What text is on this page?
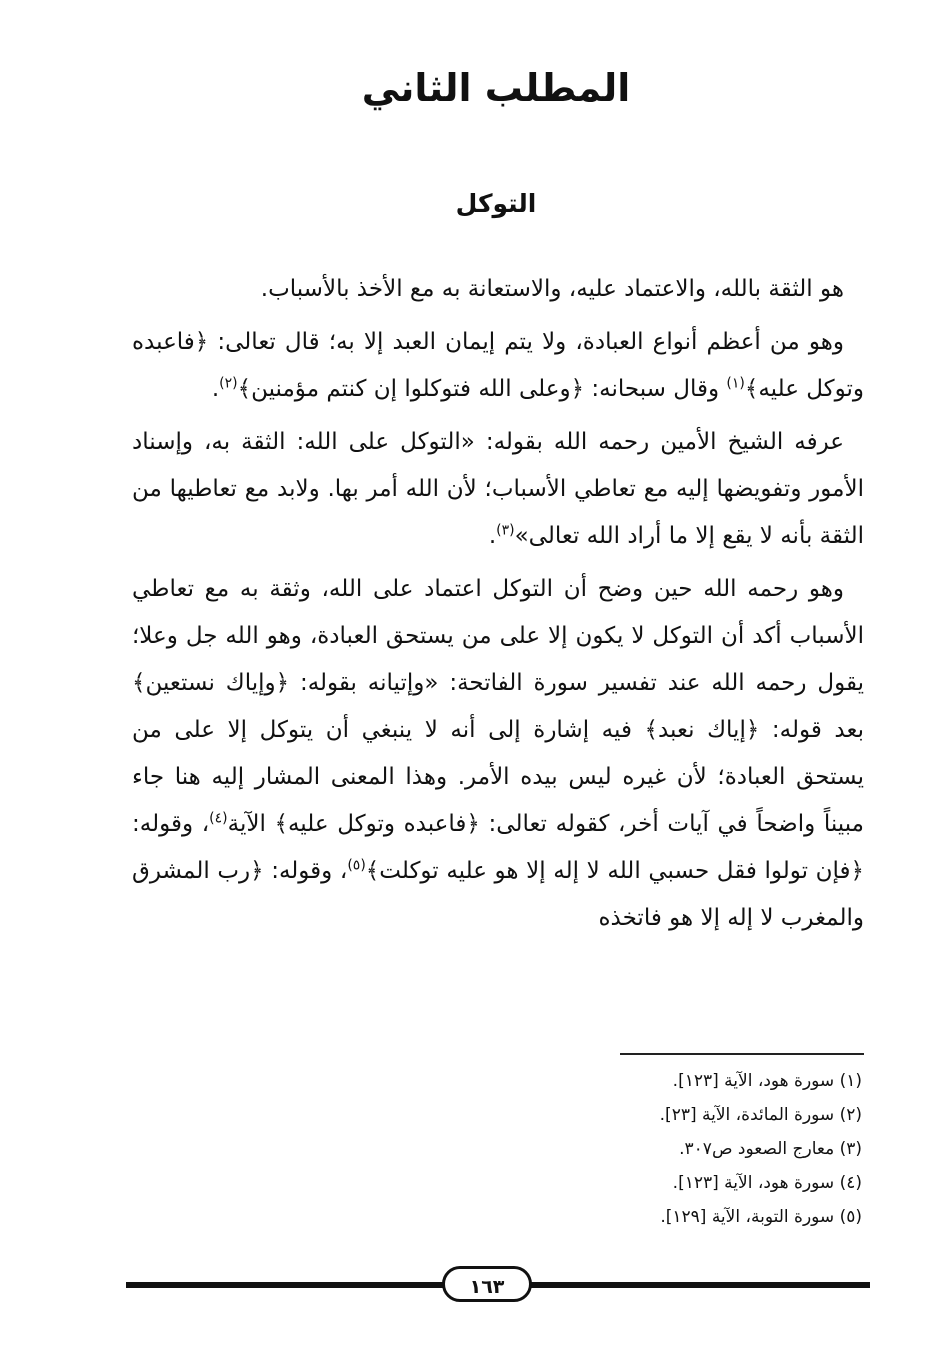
المطلب الثاني
التوكل

هو الثقة بالله، والاعتماد عليه، والاستعانة به مع الأخذ بالأسباب.

وهو من أعظم أنواع العبادة، ولا يتم إيمان العبد إلا به؛ قال تعالى: ﴿فاعبده وتوكل عليه﴾$^{(١)}$ وقال سبحانه: ﴿وعلى الله فتوكلوا إن كنتم مؤمنين﴾$^{(٢)}$.

عرفه الشيخ الأمين رحمه الله بقوله: «التوكل على الله: الثقة به، وإسناد الأمور وتفويضها إليه مع تعاطي الأسباب؛ لأن الله أمر بها. ولابد مع تعاطيها من الثقة بأنه لا يقع إلا ما أراد الله تعالى»$^{(٣)}$.

وهو رحمه الله حين وضح أن التوكل اعتماد على الله، وثقة به مع تعاطي الأسباب أكد أن التوكل لا يكون إلا على من يستحق العبادة، وهو الله جل وعلا؛ يقول رحمه الله عند تفسير سورة الفاتحة: «وإتيانه بقوله: ﴿وإياك نستعين﴾ بعد قوله: ﴿إياك نعبد﴾ فيه إشارة إلى أنه لا ينبغي أن يتوكل إلا على من يستحق العبادة؛ لأن غيره ليس بيده الأمر. وهذا المعنى المشار إليه هنا جاء مبيناً واضحاً في آيات أخر، كقوله تعالى: ﴿فاعبده وتوكل عليه﴾ الآية$^{(٤)}$، وقوله: ﴿فإن تولوا فقل حسبي الله لا إله إلا هو عليه توكلت﴾$^{(٥)}$، وقوله: ﴿رب المشرق والمغرب لا إله إلا هو فاتخذه

(١) سورة هود، الآية [١٢٣].
(٢) سورة المائدة، الآية [٢٣].
(٣) معارج الصعود ص٣٠٧.
(٤) سورة هود، الآية [١٢٣].
(٥) سورة التوبة، الآية [١٢٩].
١٦٣
